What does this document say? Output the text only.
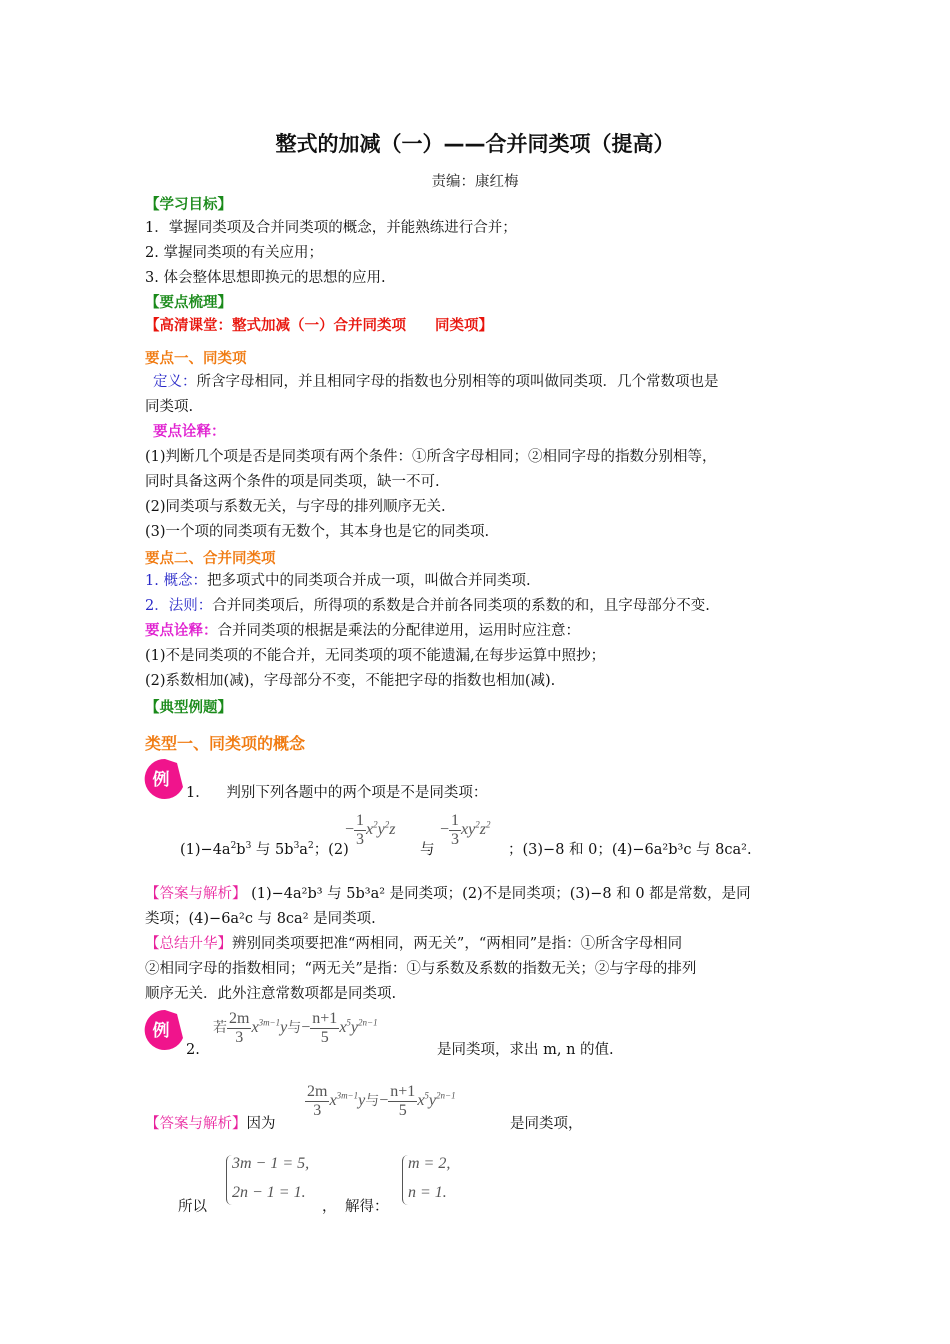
整式的加减（一）——合并同类项（提高）
责编：康红梅
【学习目标】
1．掌握同类项及合并同类项的概念，并能熟练进行合并；
2. 掌握同类项的有关应用；
3. 体会整体思想即换元的思想的应用.
【要点梳理】
【高清课堂：整式加减（一）合并同类项　　同类项】
要点一、同类项
定义：所含字母相同，并且相同字母的指数也分别相等的项叫做同类项．几个常数项也是
同类项.
要点诠释：
(1)判断几个项是否是同类项有两个条件：①所含字母相同；②相同字母的指数分别相等，
同时具备这两个条件的项是同类项，缺一不可.
(2)同类项与系数无关，与字母的排列顺序无关.
(3)一个项的同类项有无数个，其本身也是它的同类项.
要点二、合并同类项
1. 概念：把多项式中的同类项合并成一项，叫做合并同类项.
2．法则：合并同类项后，所得项的系数是合并前各同类项的系数的和，且字母部分不变.
要点诠释：合并同类项的根据是乘法的分配律逆用，运用时应注意：
(1)不是同类项的不能合并，无同类项的项不能遗漏,在每步运算中照抄；
(2)系数相加(减)，字母部分不变，不能把字母的指数也相加(减).
【典型例题】
类型一、同类项的概念
例
1． 判别下列各题中的两个项是不是同类项：
$(1)-4a^2b^3$ 与 $5b^3a^2$；(2)
− $\frac{1}{3} x^2y^2z$
与
− $\frac{1}{3} xy^2z^2$
；(3)−8 和 0；(4)−6a²b³c 与 8ca².
【答案与解析】 (1)−4a²b³ 与 5b³a² 是同类项；(2)不是同类项；(3)−8 和 0 都是常数，是同
类项；(4)−6a²c 与 8ca² 是同类项.
【总结升华】辨别同类项要把准“两相同，两无关”，“两相同”是指：①所含字母相同
②相同字母的指数相同；“两无关”是指：①与系数及系数的指数无关；②与字母的排列
顺序无关．此外注意常数项都是同类项.
例
2.
若 $\frac{2m}{3} x^{3m-1}y$与− $\frac{n+1}{5} x^5y^{2n-1}$
是同类项，求出 m, n 的值.
【答案与解析】因为
$\frac{2m}{3} x^{3m-1}y$与− $\frac{n+1}{5} x^5y^{2n-1}$
是同类项，
所以
3m − 1 = 5,
2n − 1 = 1.
， 解得：
m = 2,
n = 1.
